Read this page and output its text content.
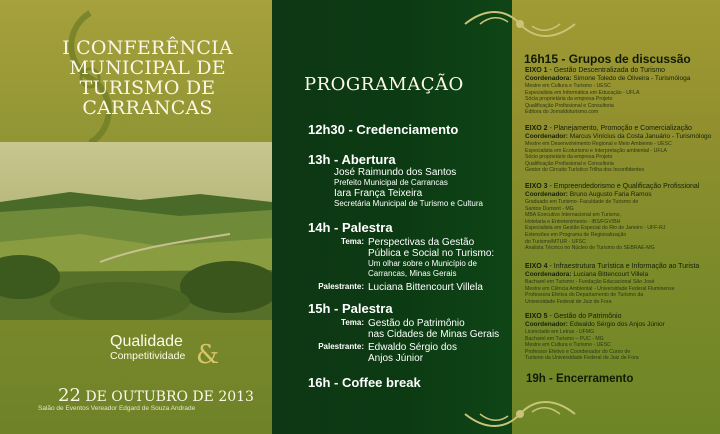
I CONFERÊNCIA
MUNICIPAL DE
TURISMO DE
CARRANCAS
Qualidade
Competitividade &
22 DE OUTUBRO DE 2013
Salão de Eventos Vereador Edgard de Souza Andrade
PROGRAMAÇÃO
12h30 - Credenciamento
13h - Abertura
José Raimundo dos Santos
Prefeito Municipal de Carrancas
Iara França Teixeira
Secretária Municipal de Turismo e Cultura
14h - Palestra
Tema: Perspectivas da Gestão
Pública e Social no Turismo:
Um olhar sobre o Município de
Carrancas, Minas Gerais
Palestrante: Luciana Bittencourt Villela
15h - Palestra
Tema: Gestão do Patrimônio
nas Cidades de Minas Gerais
Palestrante: Edwaldo Sérgio dos
Anjos Júnior
16h - Coffee break
16h15 - Grupos de discussão
EIXO 1 - Gestão Descentralizada do Turismo
Coordenadora: Simone Toledo de Oliveira - Turismóloga
Mestre em Cultura e Turismo - UESC
Especialista em Informática em Educação - UFLA
Sócia proprietária da empresa Projeto
Qualificação Profissional e Consultoria
Editora do Jornaldoturismo.com
EIXO 2 - Planejamento, Promoção e Comercialização
Coordenador: Marcus Vinícius da Costa Januário - Turismólogo
Mestre em Desenvolvimento Regional e Meio Ambiente - UESC
Especialista em Ecoturismo e Interpretação ambiental - UFLA
Sócio proprietário da empresa Projeto
Qualificação Profissional e Consultoria
Gestor do Circuito Turístico Trilha dos Inconfidentes
EIXO 3 - Empreendedorismo e Qualificação Profissional
Coordenador: Bruno Augusto Faria Ramos
Graduado em Turismo- Faculdade de Turismo de
Santos Dumont - MG
MBA Executivo Internacional em Turismo,
Hotelaria e Entretenimento - IBS/FGV/BH
Especialista em Gestão Especial do Rio de Janeiro - UFF-RJ
Extensões em Programa de Regionalização
do Turismo/MTUR - UFSC
Analista Técnico no Núcleo de Turismo do SEBRAE-MG
EIXO 4 - Infraestrutura Turística e Informação ao Turista
Coordenadora: Luciana Bittencourt Villela
Bacharel em Turismo - Fundação Educacional São José
Mestre em Ciência Ambiental - Universidade Federal Fluminense
Professora Efetiva do Departamento de Turismo da
Universidade Federal de Juiz de Fora
EIXO 5 - Gestão do Patrimônio
Coordenador: Edwaldo Sérgio dos Anjos Júnior
Licenciado em Letras - UFMG
Bacharel em Turismo – PUC - MG
Mestre em Cultura e Turismo - UESC
Professor Efetivo e Coordenador do Curso de
Turismo da Universidade Federal de Juiz de Fora
19h - Encerramento
